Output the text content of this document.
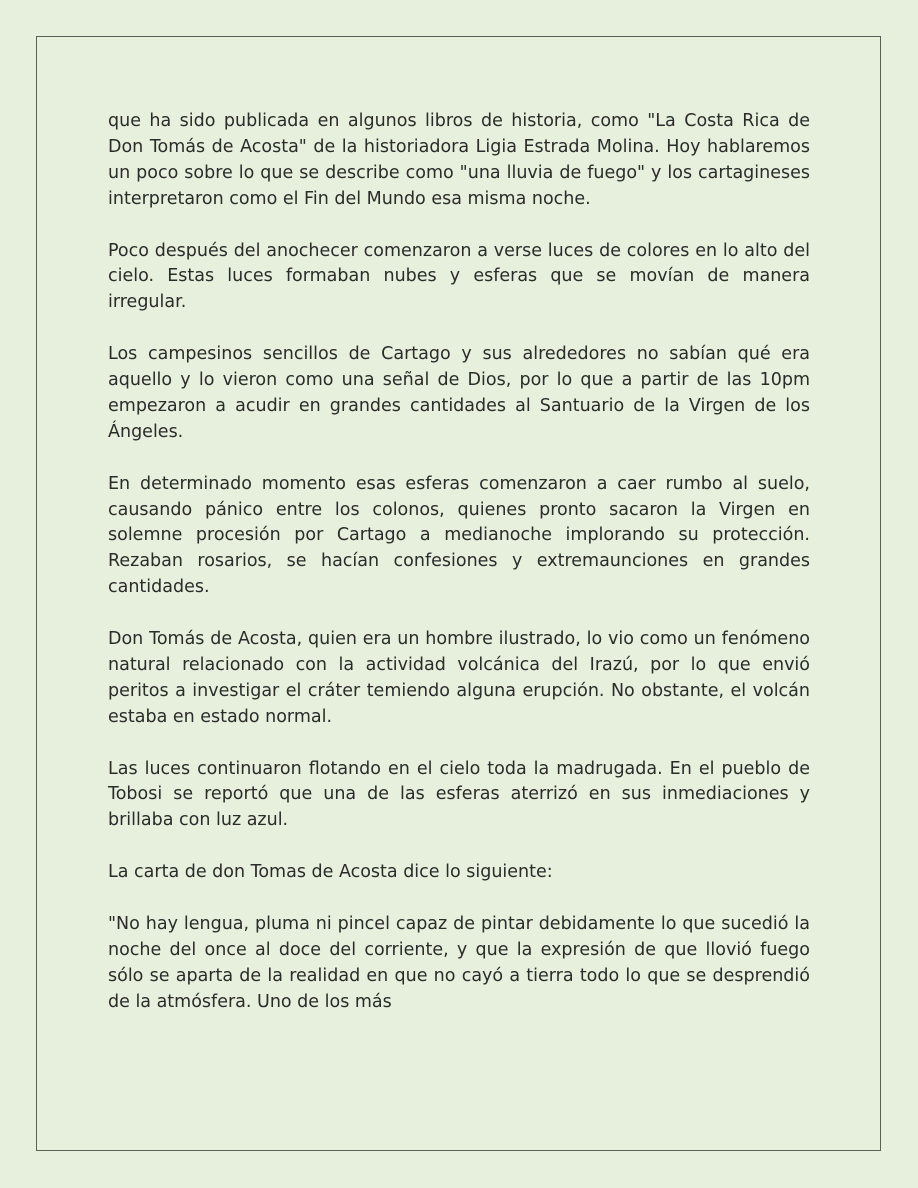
que ha sido publicada en algunos libros de historia, como "La Costa Rica de Don Tomás de Acosta" de la historiadora Ligia Estrada Molina. Hoy hablaremos un poco sobre lo que se describe como "una lluvia de fuego" y los cartagineses interpretaron como el Fin del Mundo esa misma noche.

Poco después del anochecer comenzaron a verse luces de colores en lo alto del cielo. Estas luces formaban nubes y esferas que se movían de manera irregular.

Los campesinos sencillos de Cartago y sus alrededores no sabían qué era aquello y lo vieron como una señal de Dios, por lo que a partir de las 10pm empezaron a acudir en grandes cantidades al Santuario de la Virgen de los Ángeles.

En determinado momento esas esferas comenzaron a caer rumbo al suelo, causando pánico entre los colonos, quienes pronto sacaron la Virgen en solemne procesión por Cartago a medianoche implorando su protección. Rezaban rosarios, se hacían confesiones y extremaunciones en grandes cantidades.

Don Tomás de Acosta, quien era un hombre ilustrado, lo vio como un fenómeno natural relacionado con la actividad volcánica del Irazú, por lo que envió peritos a investigar el cráter temiendo alguna erupción. No obstante, el volcán estaba en estado normal.

Las luces continuaron flotando en el cielo toda la madrugada. En el pueblo de Tobosi se reportó que una de las esferas aterrizó en sus inmediaciones y brillaba con luz azul.

La carta de don Tomas de Acosta dice lo siguiente:

"No hay lengua, pluma ni pincel capaz de pintar debidamente lo que sucedió la noche del once al doce del corriente, y que la expresión de que llovió fuego sólo se aparta de la realidad en que no cayó a tierra todo lo que se desprendió de la atmósfera. Uno de los más
